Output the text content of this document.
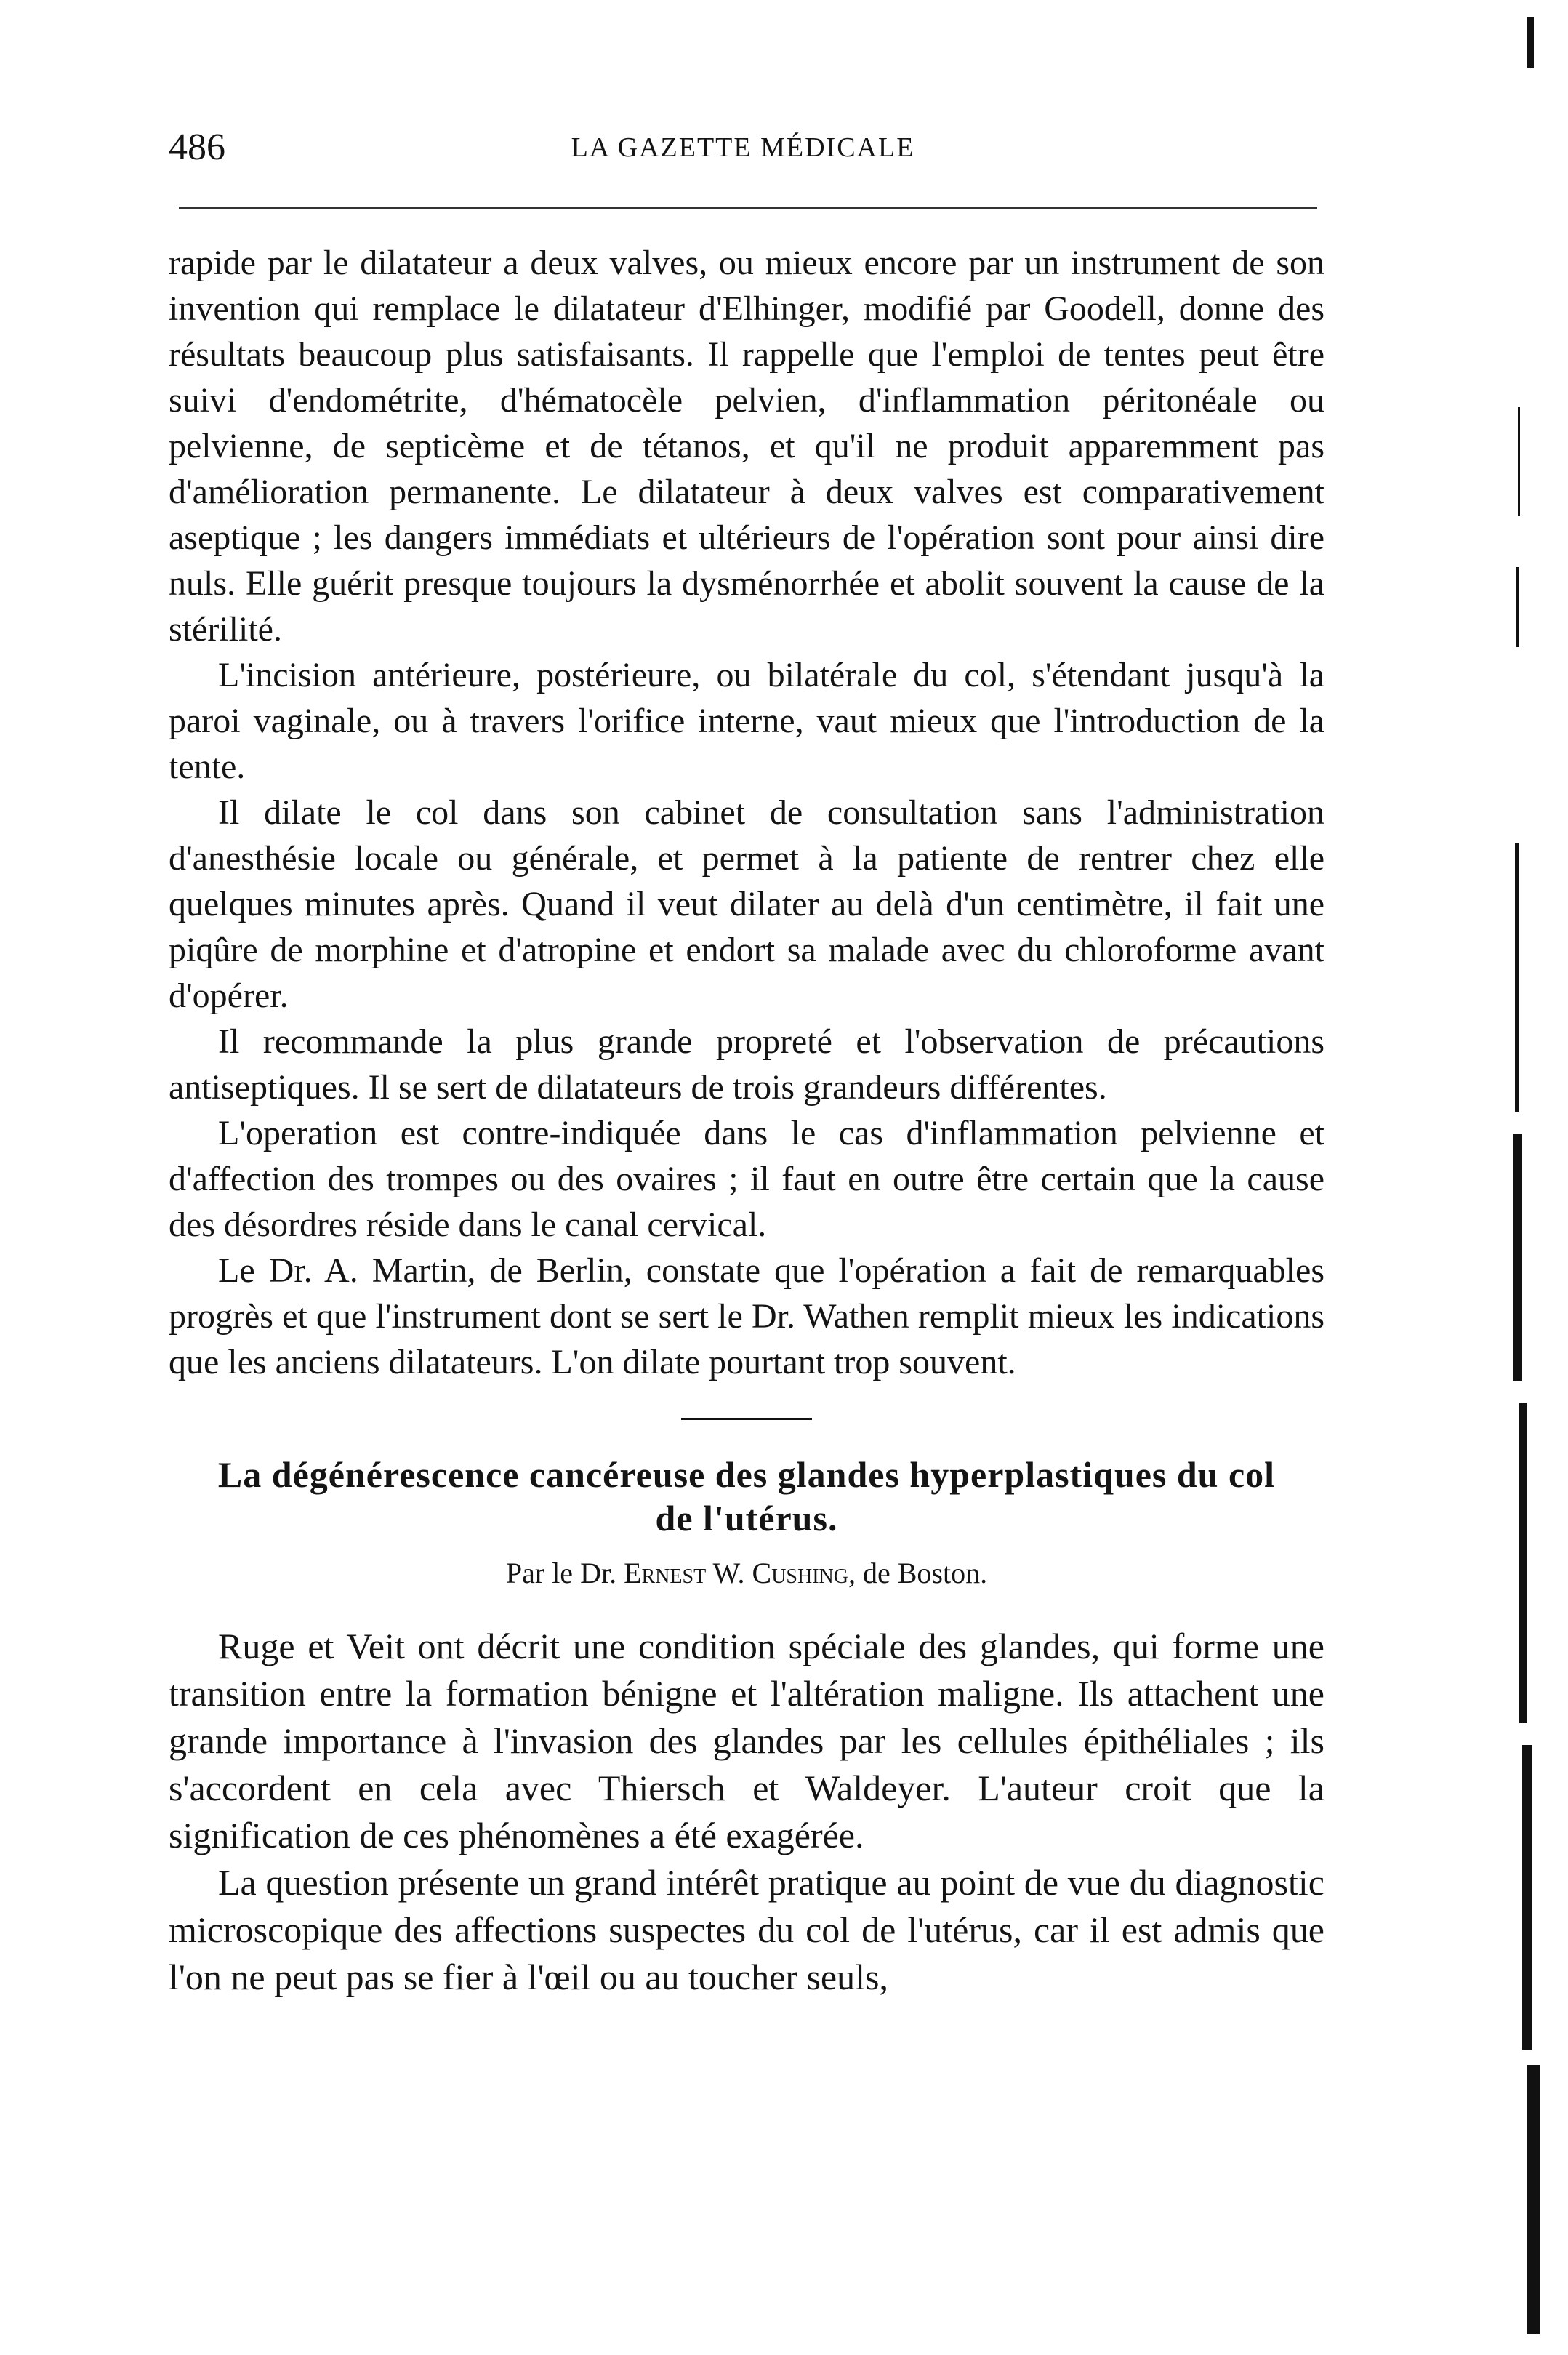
486	LA GAZETTE MÉDICALE

rapide par le dilatateur a deux valves, ou mieux encore par un instrument de son invention qui remplace le dilatateur d'Elhinger, modifié par Goodell, donne des résultats beaucoup plus satisfaisants. Il rappelle que l'emploi de tentes peut être suivi d'endométrite, d'hématocèle pelvien, d'inflammation péritonéale ou pelvienne, de septicème et de tétanos, et qu'il ne produit apparemment pas d'amélioration permanente. Le dilatateur à deux valves est comparativement aseptique ; les dangers immédiats et ultérieurs de l'opération sont pour ainsi dire nuls. Elle guérit presque toujours la dysménorrhée et abolit souvent la cause de la stérilité.

L'incision antérieure, postérieure, ou bilatérale du col, s'étendant jusqu'à la paroi vaginale, ou à travers l'orifice interne, vaut mieux que l'introduction de la tente.

Il dilate le col dans son cabinet de consultation sans l'administration d'anesthésie locale ou générale, et permet à la patiente de rentrer chez elle quelques minutes après. Quand il veut dilater au delà d'un centimètre, il fait une piqûre de morphine et d'atropine et endort sa malade avec du chloroforme avant d'opérer.

Il recommande la plus grande propreté et l'observation de précautions antiseptiques. Il se sert de dilatateurs de trois grandeurs différentes.

L'operation est contre-indiquée dans le cas d'inflammation pelvienne et d'affection des trompes ou des ovaires ; il faut en outre être certain que la cause des désordres réside dans le canal cervical.

Le Dr. A. Martin, de Berlin, constate que l'opération a fait de remarquables progrès et que l'instrument dont se sert le Dr. Wathen remplit mieux les indications que les anciens dilatateurs. L'on dilate pourtant trop souvent.

La dégénérescence cancéreuse des glandes hyperplastiques du col de l'utérus.
Par le Dr. Ernest W. Cushing, de Boston.

Ruge et Veit ont décrit une condition spéciale des glandes, qui forme une transition entre la formation bénigne et l'altération maligne. Ils attachent une grande importance à l'invasion des glandes par les cellules épithéliales ; ils s'accordent en cela avec Thiersch et Waldeyer. L'auteur croit que la signification de ces phénomènes a été exagérée.

La question présente un grand intérêt pratique au point de vue du diagnostic microscopique des affections suspectes du col de l'utérus, car il est admis que l'on ne peut pas se fier à l'œil ou au toucher seuls,
